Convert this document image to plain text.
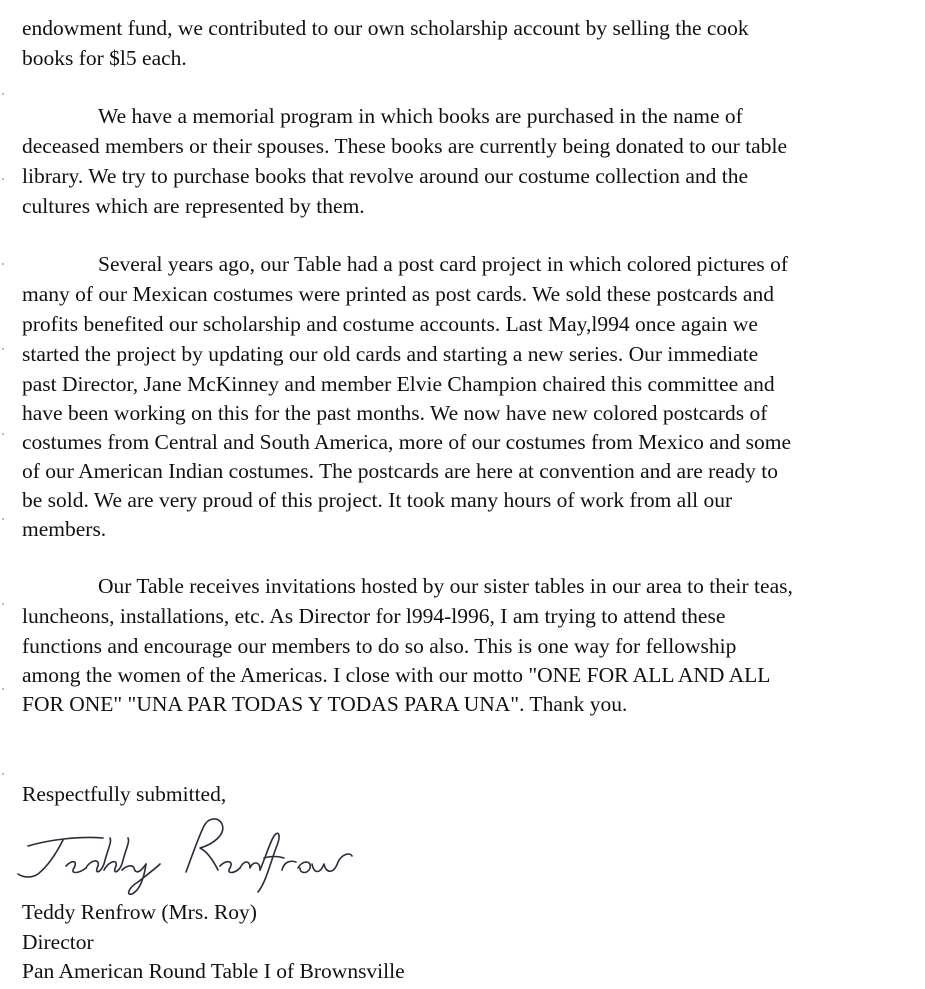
endowment fund, we contributed to our own scholarship account by selling the cook
books for $l5 each.
We have a memorial program in which books are purchased in the name of
deceased members or their spouses. These books are currently being donated to our table
library. We try to purchase books that revolve around our costume collection and the
cultures which are represented by them.
Several years ago, our Table had a post card project in which colored pictures of
many of our Mexican costumes were printed as post cards. We sold these postcards and
profits benefited our scholarship and costume accounts. Last May,l994 once again we
started the project by updating our old cards and starting a new series. Our immediate
past Director, Jane McKinney and member Elvie Champion chaired this committee and
have been working on this for the past months. We now have new colored postcards of
costumes from Central and South America, more of our costumes from Mexico and some
of our American Indian costumes. The postcards are here at convention and are ready to
be sold. We are very proud of this project. It took many hours of work from all our
members.
Our Table receives invitations hosted by our sister tables in our area to their teas,
luncheons, installations, etc. As Director for l994-l996, I am trying to attend these
functions and encourage our members to do so also. This is one way for fellowship
among the women of the Americas. I close with our motto "ONE FOR ALL AND ALL
FOR ONE" "UNA PAR TODAS Y TODAS PARA UNA". Thank you.
Respectfully submitted,
Teddy Renfrow (Mrs. Roy)
Director
Pan American Round Table I of Brownsville
